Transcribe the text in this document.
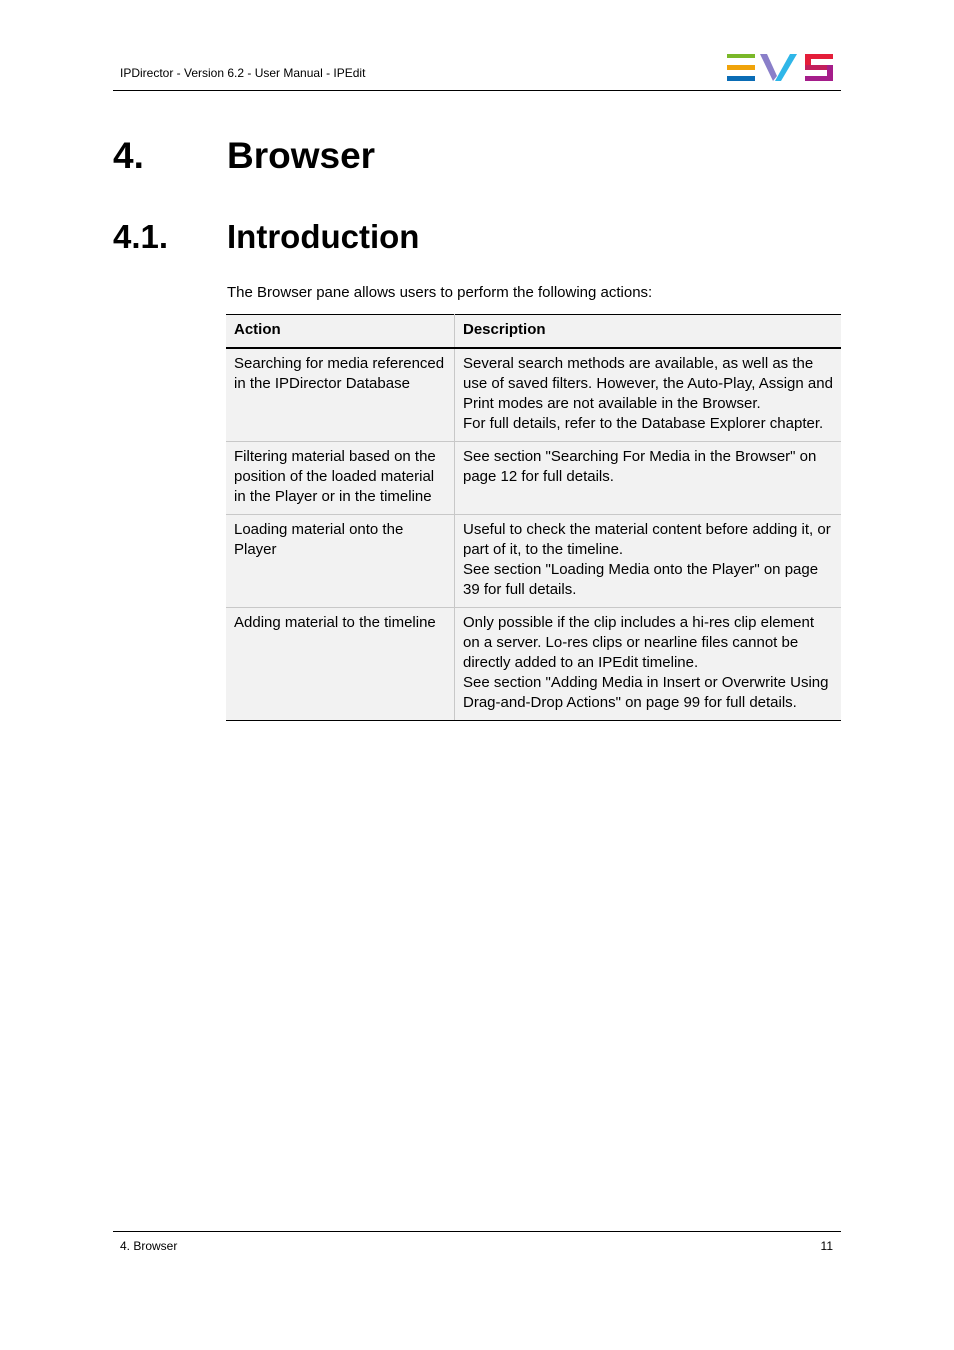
IPDirector - Version 6.2 - User Manual - IPEdit
4. Browser
4.1. Introduction
The Browser pane allows users to perform the following actions:
Action	Description
Searching for media referenced in the IPDirector Database	Several search methods are available, as well as the use of saved filters. However, the Auto-Play, Assign and Print modes are not available in the Browser.
For full details, refer to the Database Explorer chapter.

Filtering material based on the position of the loaded material in the Player or in the timeline	See section "Searching For Media in the Browser" on page 12 for full details.

Loading material onto the Player	Useful to check the material content before adding it, or part of it, to the timeline.
See section "Loading Media onto the Player" on page 39 for full details.

Adding material to the timeline	Only possible if the clip includes a hi-res clip element on a server. Lo-res clips or nearline files cannot be directly added to an IPEdit timeline.
See section "Adding Media in Insert or Overwrite Using Drag-and-Drop Actions" on page 99 for full details.
4. Browser	11
